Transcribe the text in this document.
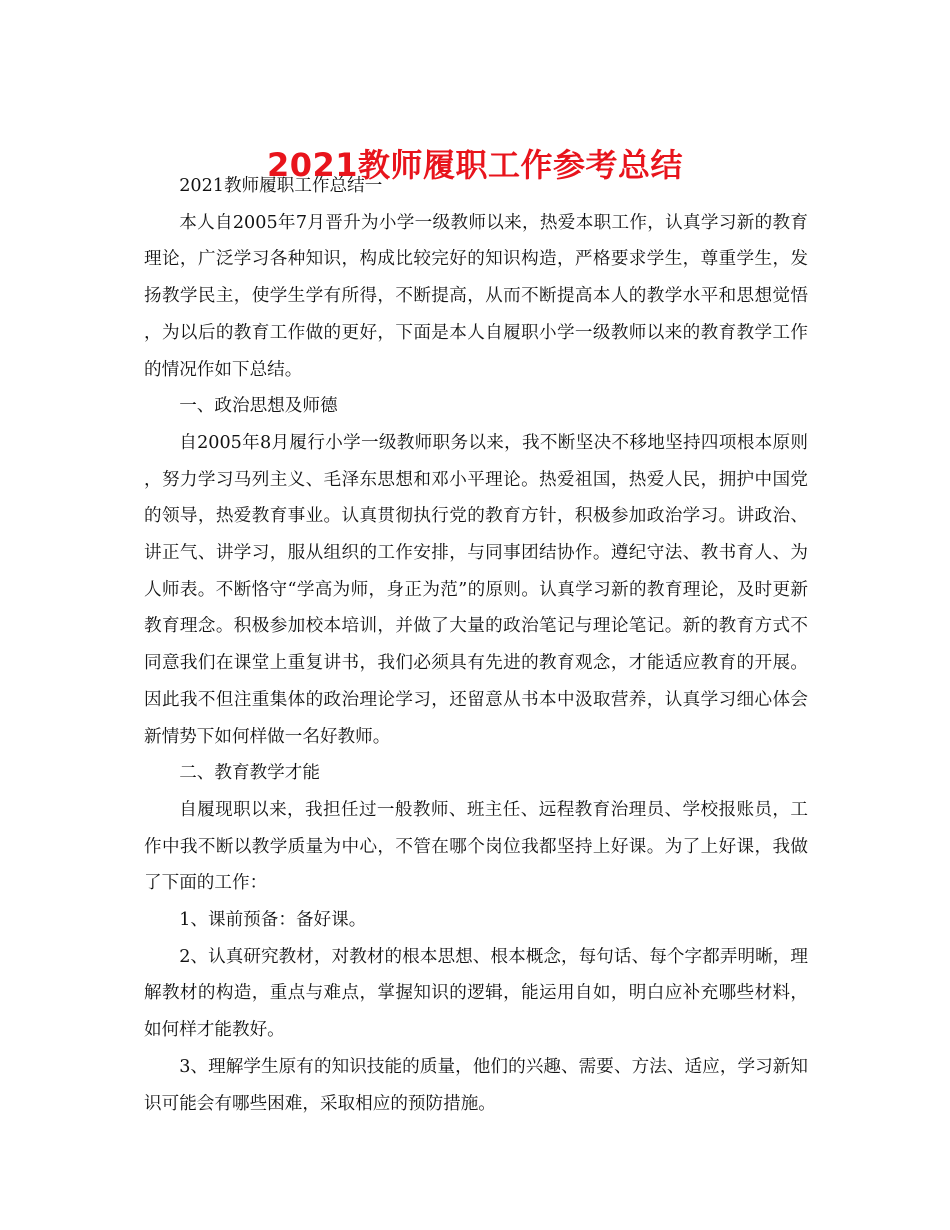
2021教师履职工作参考总结

2021教师履职工作总结一

本人自2005年7月晋升为小学一级教师以来，热爱本职工作，认真学习新的教育理论，广泛学习各种知识，构成比较完好的知识构造，严格要求学生，尊重学生，发扬教学民主，使学生学有所得，不断提高，从而不断提高本人的教学水平和思想觉悟，为以后的教育工作做的更好，下面是本人自履职小学一级教师以来的教育教学工作的情况作如下总结。

一、政治思想及师德

自2005年8月履行小学一级教师职务以来，我不断坚决不移地坚持四项根本原则，努力学习马列主义、毛泽东思想和邓小平理论。热爱祖国，热爱人民，拥护中国党的领导，热爱教育事业。认真贯彻执行党的教育方针，积极参加政治学习。讲政治、讲正气、讲学习，服从组织的工作安排，与同事团结协作。遵纪守法、教书育人、为人师表。不断恪守“学高为师，身正为范”的原则。认真学习新的教育理论，及时更新教育理念。积极参加校本培训，并做了大量的政治笔记与理论笔记。新的教育方式不同意我们在课堂上重复讲书，我们必须具有先进的教育观念，才能适应教育的开展。因此我不但注重集体的政治理论学习，还留意从书本中汲取营养，认真学习细心体会新情势下如何样做一名好教师。

二、教育教学才能

自履现职以来，我担任过一般教师、班主任、远程教育治理员、学校报账员，工作中我不断以教学质量为中心，不管在哪个岗位我都坚持上好课。为了上好课，我做了下面的工作：

1、课前预备：备好课。

2、认真研究教材，对教材的根本思想、根本概念，每句话、每个字都弄明晰，理解教材的构造，重点与难点，掌握知识的逻辑，能运用自如，明白应补充哪些材料，如何样才能教好。

3、理解学生原有的知识技能的质量，他们的兴趣、需要、方法、适应，学习新知识可能会有哪些困难，采取相应的预防措施。
